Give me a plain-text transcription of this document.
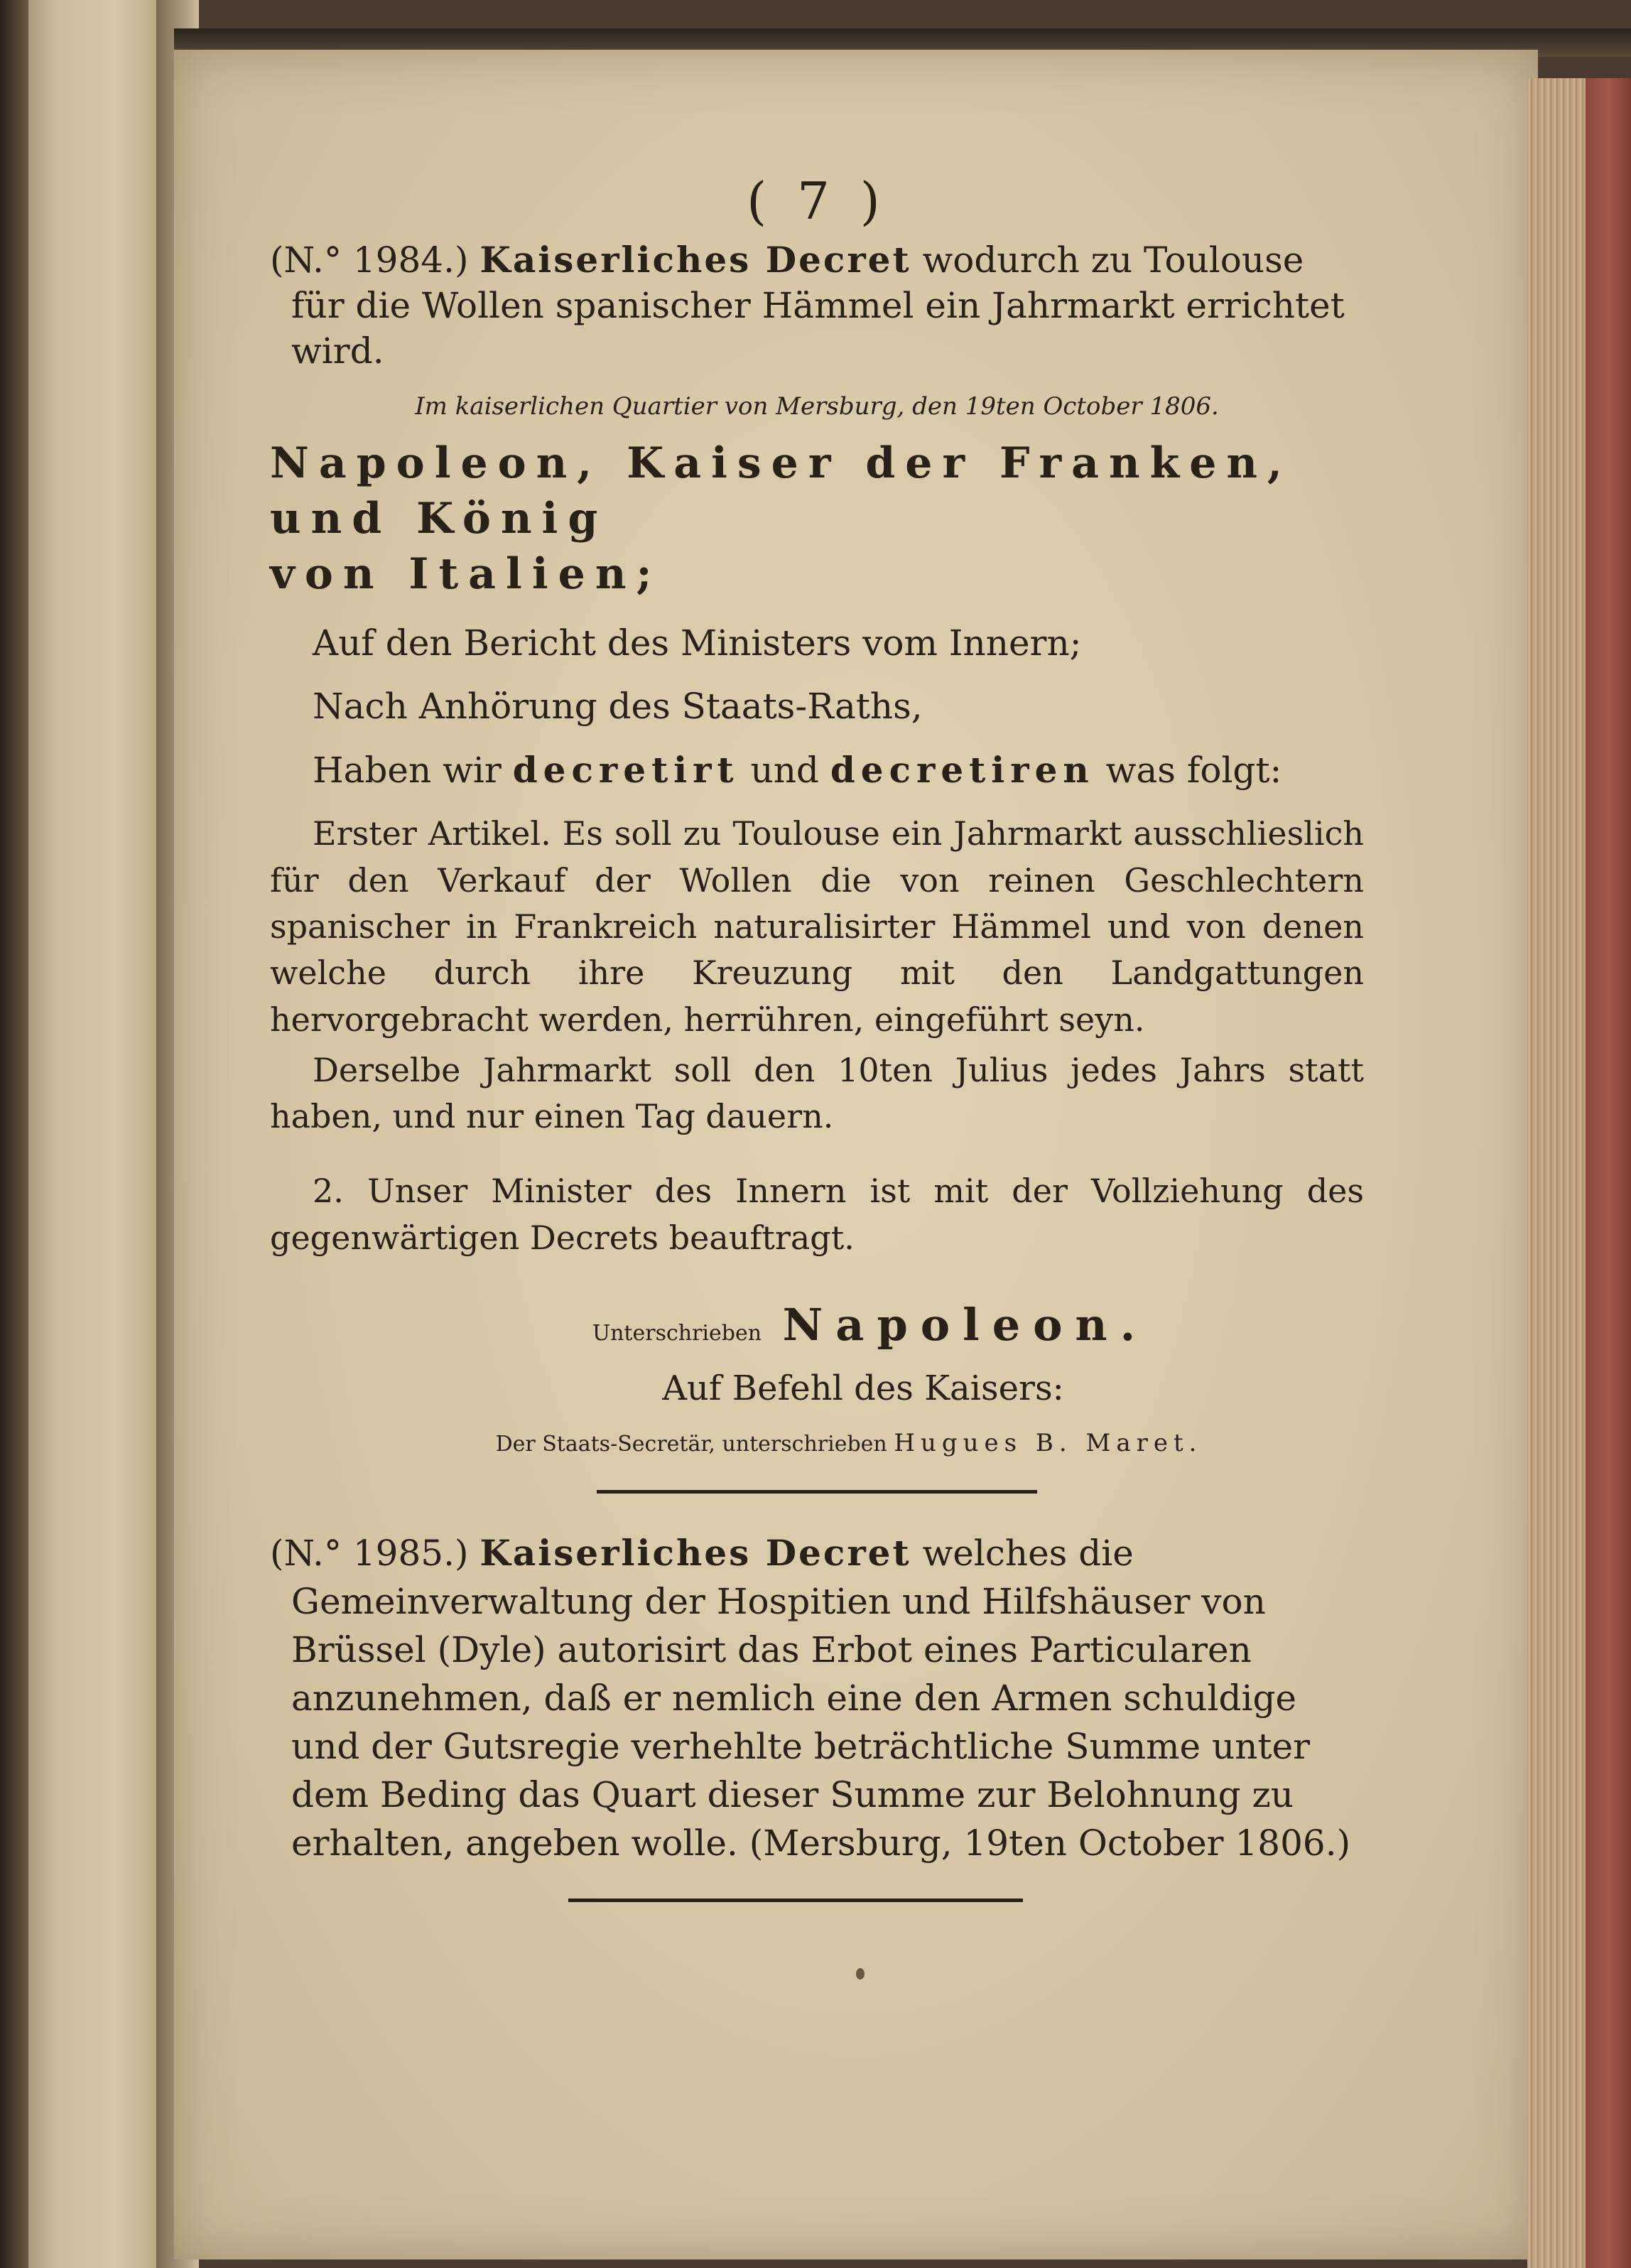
( 7 )

(N.° 1984.) Kaiserliches Decret wodurch zu Toulouse für die Wollen spanischer Hämmel ein Jahrmarkt errichtet wird.

Im kaiserlichen Quartier von Mersburg, den 19ten October 1806.

Napoleon, Kaiser der Franken, und König

von Italien;

Auf den Bericht des Ministers vom Innern;

Nach Anhörung des Staats-Raths,

Haben wir decretirt und decretiren was folgt:

Erster Artikel. Es soll zu Toulouse ein Jahrmarkt ausschlieslich für den Verkauf der Wollen die von reinen Geschlechtern spanischer in Frankreich naturalisirter Hämmel und von denen welche durch ihre Kreuzung mit den Landgattungen hervorgebracht werden, herrühren, eingeführt seyn.

Derselbe Jahrmarkt soll den 10ten Julius jedes Jahrs statt haben, und nur einen Tag dauern.

2. Unser Minister des Innern ist mit der Vollziehung des gegenwärtigen Decrets beauftragt.

Unterschrieben Napoleon.

Auf Befehl des Kaisers:

Der Staats-Secretär, unterschrieben Hugues B. Maret.

(N.° 1985.) Kaiserliches Decret welches die Gemeinverwaltung der Hospitien und Hilfshäuser von Brüssel (Dyle) autorisirt das Erbot eines Particularen anzunehmen, daß er nemlich eine den Armen schuldige und der Gutsregie verhehlte beträchtliche Summe unter dem Beding das Quart dieser Summe zur Belohnung zu erhalten, angeben wolle. (Mersburg, 19ten October 1806.)
